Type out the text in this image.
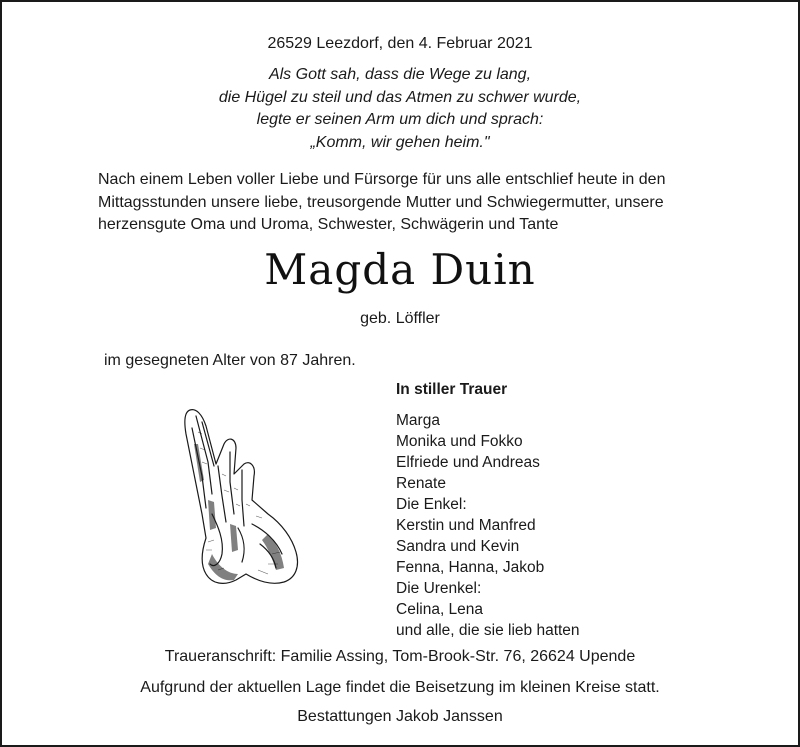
26529 Leezdorf, den 4. Februar 2021
Als Gott sah, dass die Wege zu lang,
die Hügel zu steil und das Atmen zu schwer wurde,
legte er seinen Arm um dich und sprach:
„Komm, wir gehen heim."
Nach einem Leben voller Liebe und Fürsorge für uns alle entschlief heute in den
Mittagsstunden unsere liebe, treusorgende Mutter und Schwiegermutter, unsere
herzensgute Oma und Uroma, Schwester, Schwägerin und Tante
Magda Duin
geb. Löffler
im gesegneten Alter von 87 Jahren.
In stiller Trauer
Marga
Monika und Fokko
Elfriede und Andreas
Renate
Die Enkel:
Kerstin und Manfred
Sandra und Kevin
Fenna, Hanna, Jakob
Die Urenkel:
Celina, Lena
und alle, die sie lieb hatten
Traueranschrift: Familie Assing, Tom-Brook-Str. 76, 26624 Upende
Aufgrund der aktuellen Lage findet die Beisetzung im kleinen Kreise statt.
Bestattungen Jakob Janssen
